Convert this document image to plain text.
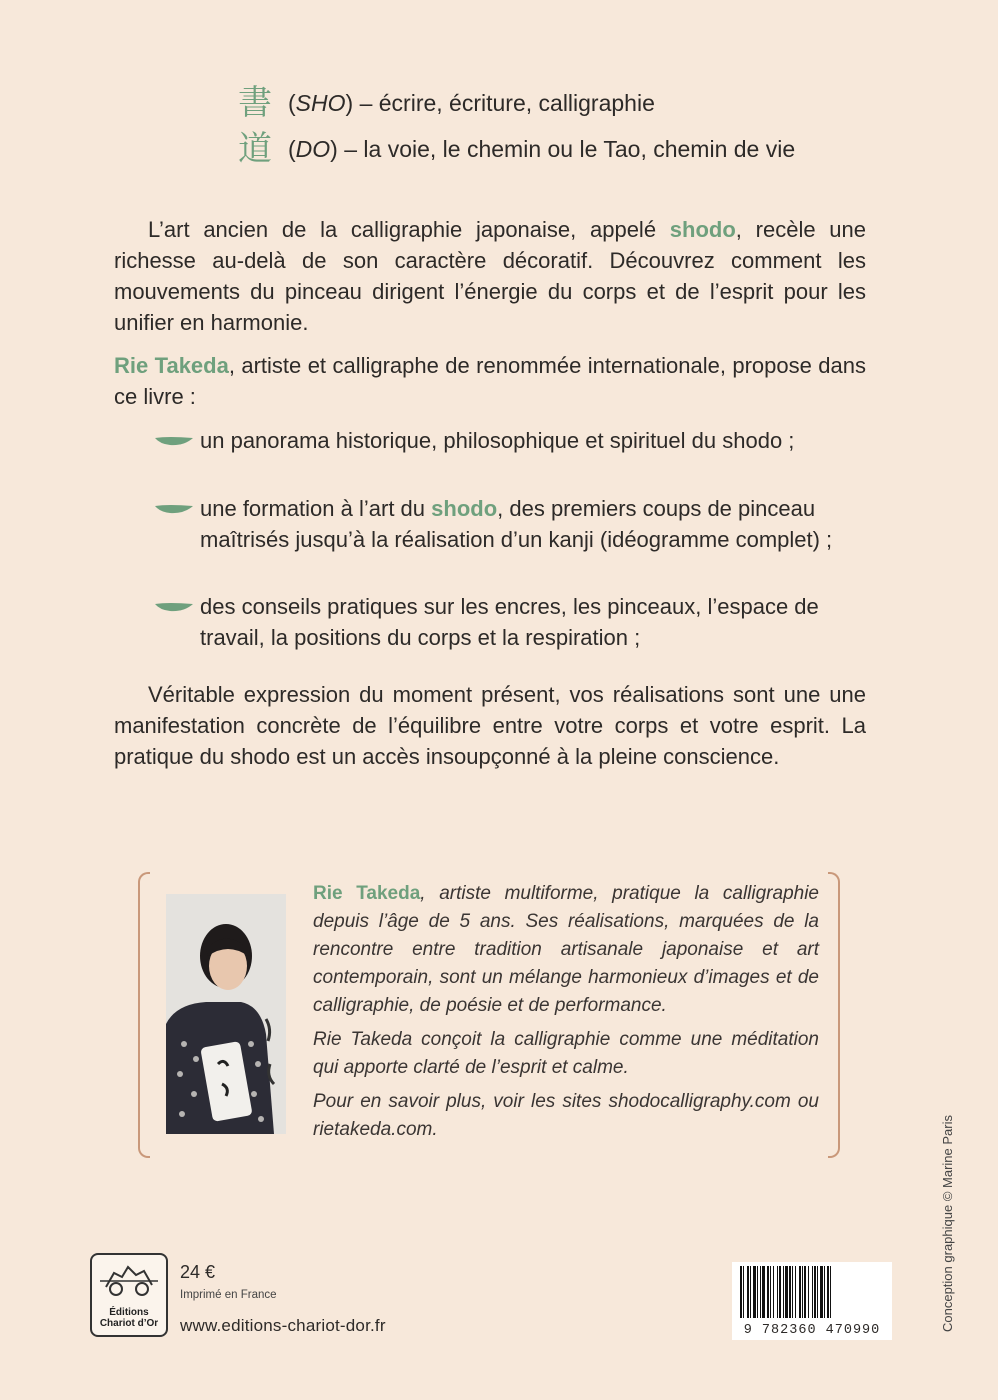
書 (SHO) – écrire, écriture, calligraphie
道 (DO) – la voie, le chemin ou le Tao, chemin de vie

L’art ancien de la calligraphie japonaise, appelé shodo, recèle une richesse au-delà de son caractère décoratif. Découvrez comment les mouvements du pinceau dirigent l’énergie du corps et de l’esprit pour les unifier en harmonie.

Rie Takeda, artiste et calligraphe de renommée internationale, propose dans ce livre :

un panorama historique, philosophique et spirituel du shodo ;
une formation à l’art du shodo, des premiers coups de pinceau maîtrisés jusqu’à la réalisation d’un kanji (idéogramme complet) ;
des conseils pratiques sur les encres, les pinceaux, l’espace de travail, la positions du corps et la respiration ;

Véritable expression du moment présent, vos réalisations sont une une manifestation concrète de l’équilibre entre votre corps et votre esprit. La pratique du shodo est un accès insoupçonné à la pleine conscience.

Rie Takeda, artiste multiforme, pratique la calligraphie depuis l’âge de 5 ans. Ses réalisations, marquées de la rencontre entre tradition artisanale japonaise et art contemporain, sont un mélange harmonieux d’images et de calligraphie, de poésie et de performance.

Rie Takeda conçoit la calligraphie comme une méditation qui apporte clarté de l’esprit et calme.

Pour en savoir plus, voir les sites shodocalligraphy.com ou rietakeda.com.

Éditions
Chariot d’Or
24 €
Imprimé en France
www.editions-chariot-dor.fr	9 782360 470990	Conception graphique © Marine Paris
